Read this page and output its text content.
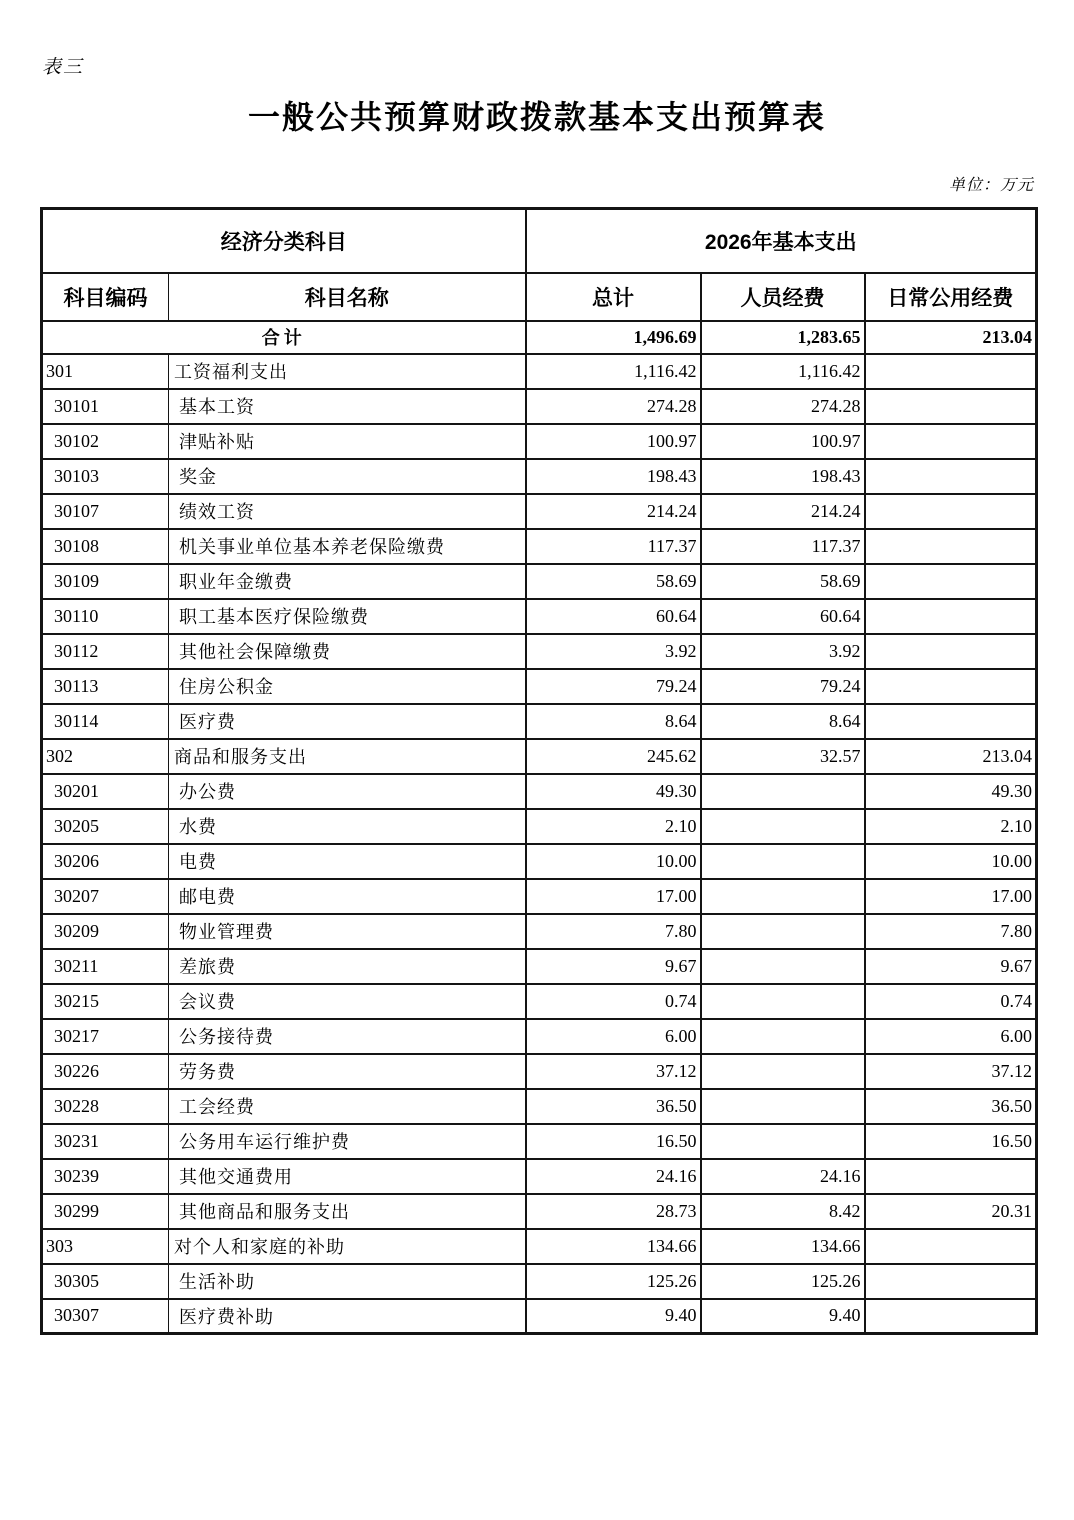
表三
一般公共预算财政拨款基本支出预算表
单位：万元
经济分类科目		2026年基本支出		
科目编码	科目名称	总计	人员经费	日常公用经费
合计		1,496.69	1,283.65	213.04
301	工资福利支出	1,116.42	1,116.42	
30101	基本工资	274.28	274.28	
30102	津贴补贴	100.97	100.97	
30103	奖金	198.43	198.43	
30107	绩效工资	214.24	214.24	
30108	机关事业单位基本养老保险缴费	117.37	117.37	
30109	职业年金缴费	58.69	58.69	
30110	职工基本医疗保险缴费	60.64	60.64	
30112	其他社会保障缴费	3.92	3.92	
30113	住房公积金	79.24	79.24	
30114	医疗费	8.64	8.64	
302	商品和服务支出	245.62	32.57	213.04
30201	办公费	49.30		49.30
30205	水费	2.10		2.10
30206	电费	10.00		10.00
30207	邮电费	17.00		17.00
30209	物业管理费	7.80		7.80
30211	差旅费	9.67		9.67
30215	会议费	0.74		0.74
30217	公务接待费	6.00		6.00
30226	劳务费	37.12		37.12
30228	工会经费	36.50		36.50
30231	公务用车运行维护费	16.50		16.50
30239	其他交通费用	24.16	24.16	
30299	其他商品和服务支出	28.73	8.42	20.31
303	对个人和家庭的补助	134.66	134.66	
30305	生活补助	125.26	125.26	
30307	医疗费补助	9.40	9.40	
